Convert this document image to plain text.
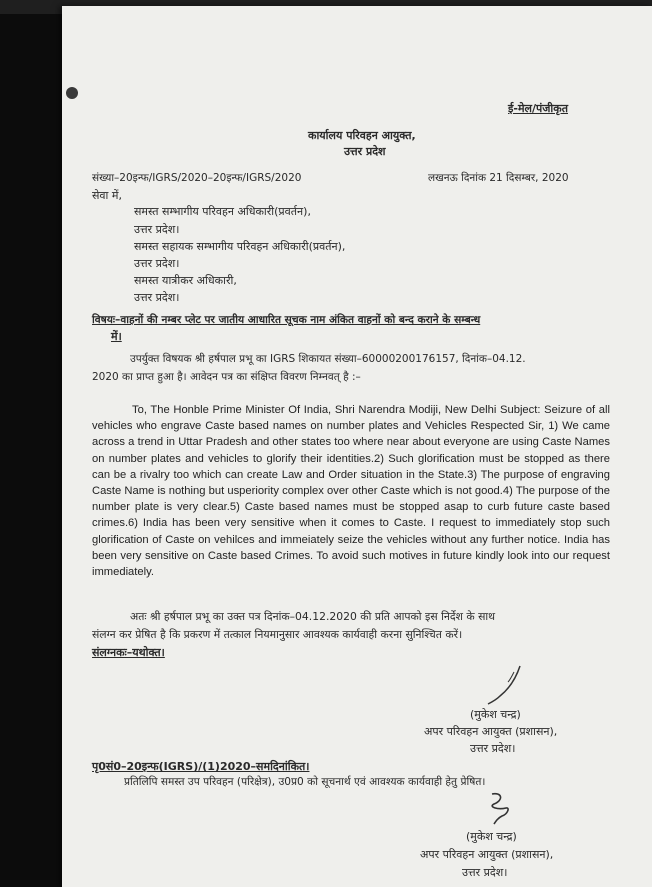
ई-मेल/पंजीकृत
कार्यालय परिवहन आयुक्त,
उत्तर प्रदेश
संख्या–20इन्फ/IGRS/2020–20इन्फ/IGRS/2020	लखनऊ दिनांक 21 दिसम्बर, 2020
सेवा में,
समस्त सम्भागीय परिवहन अधिकारी(प्रवर्तन),
उत्तर प्रदेश।
समस्त सहायक सम्भागीय परिवहन अधिकारी(प्रवर्तन),
उत्तर प्रदेश।
समस्त यात्रीकर अधिकारी,
उत्तर प्रदेश।
विषयः–वाहनों की नम्बर प्लेट पर जातीय आधारित सूचक नाम अंकित वाहनों को बन्द कराने के सम्बन्ध
में।
उपर्युक्त विषयक श्री हर्षपाल प्रभू का IGRS शिकायत संख्या–60000200176157, दिनांक–04.12.
2020 का प्राप्त हुआ है। आवेदन पत्र का संक्षिप्त विवरण निम्नवत् है :–
To, The Honble Prime Minister Of India, Shri Narendra Modiji, New Delhi Subject: Seizure of all vehicles who engrave Caste based names on number plates and Vehicles Respected Sir, 1) We came across a trend in Uttar Pradesh and other states too where near about everyone are using Caste Names on number plates and vehicles to glorify their identities.2) Such glorification must be stopped as there can be a rivalry too which can create Law and Order situation in the State.3) The purpose of engraving Caste Name is nothing but usperiority complex over other Caste which is not good.4) The purpose of the number plate is very clear.5) Caste based names must be stopped asap to curb future caste based crimes.6) India has been very sensitive when it comes to Caste. I request to immediately stop such glorification of Caste on vehilces and immeiately seize the vehicles without any further notice. India has been very sensitive on Caste based Crimes. To avoid such motives in future kindly look into our request immediately.
अतः श्री हर्षपाल प्रभू का उक्त पत्र दिनांक–04.12.2020 की प्रति आपको इस निर्देश के साथ
संलग्न कर प्रेषित है कि प्रकरण में तत्काल नियमानुसार आवश्यक कार्यवाही करना सुनिश्चित करें।
संलग्नकः–यथोक्त।
(मुकेश चन्द्र)
अपर परिवहन आयुक्त (प्रशासन),
उत्तर प्रदेश।
पृ0सं0–20इन्फ(IGRS)/(1)2020–समदिनांकित।
प्रतिलिपि समस्त उप परिवहन (परिक्षेत्र), उ0प्र0 को सूचनार्थ एवं आवश्यक कार्यवाही हेतु प्रेषित।
(मुकेश चन्द्र)
अपर परिवहन आयुक्त (प्रशासन),
उत्तर प्रदेश।
